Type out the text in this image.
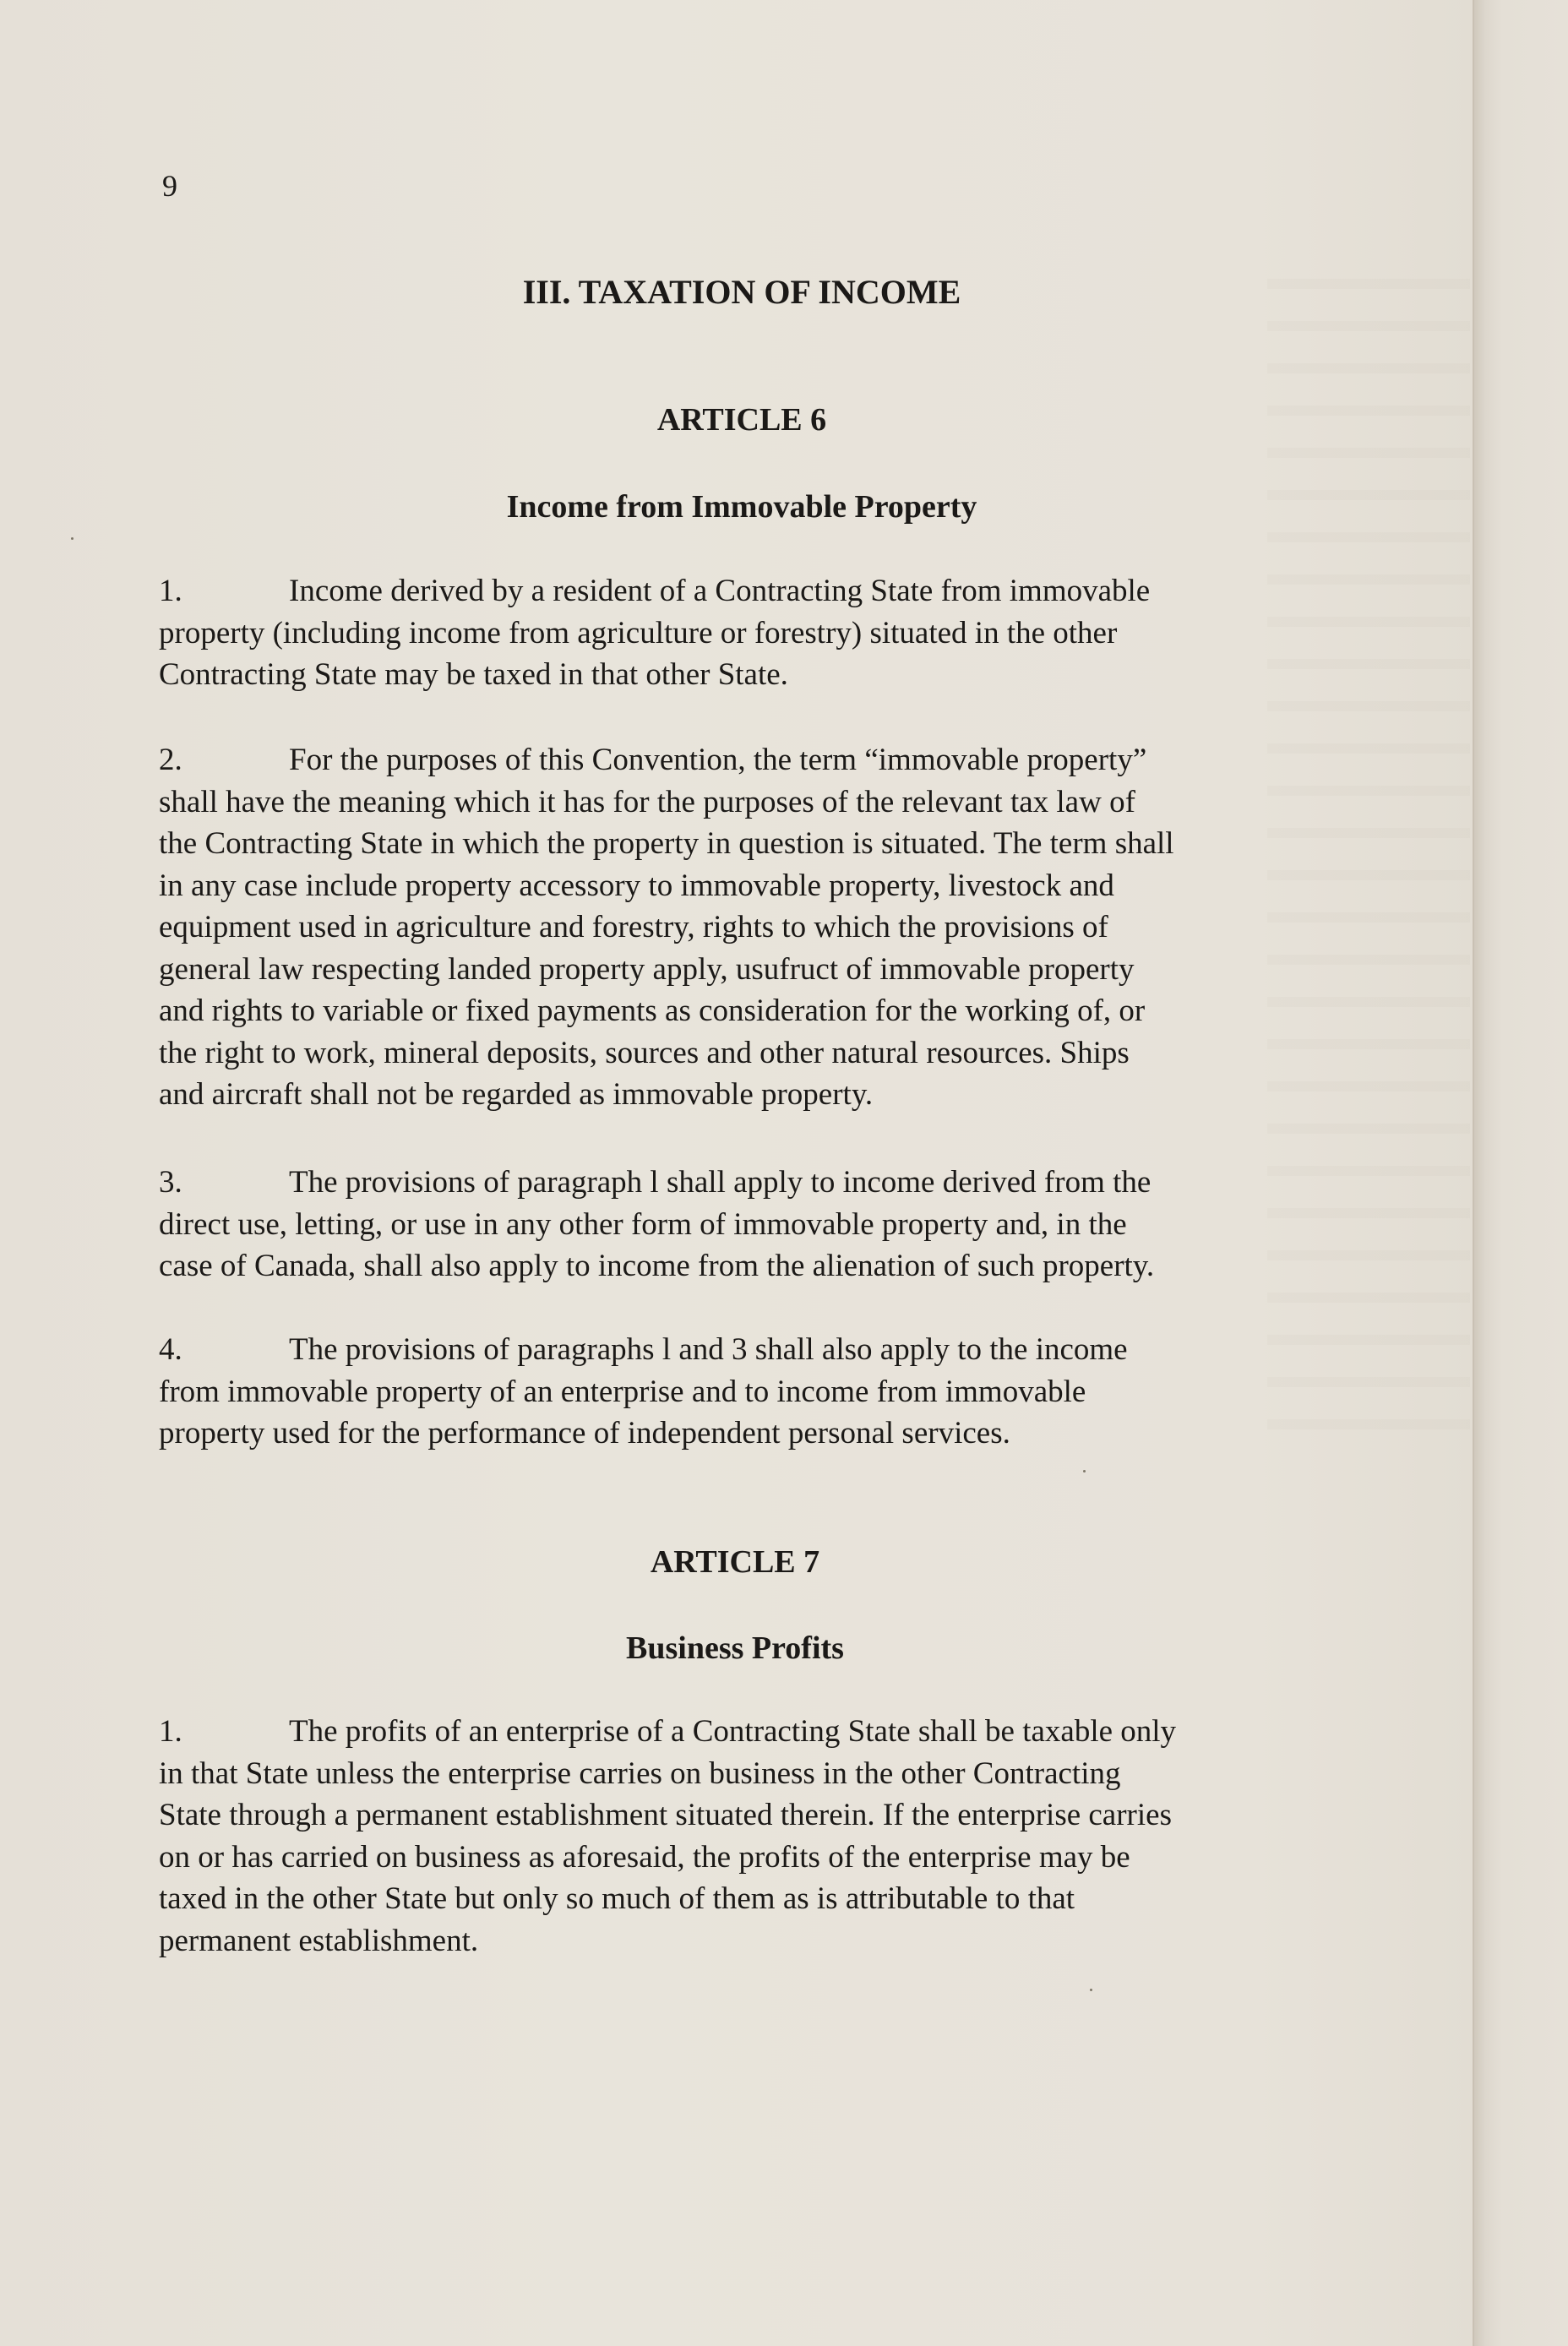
9
III. TAXATION OF INCOME
ARTICLE 6
Income from Immovable Property

1.	Income derived by a resident of a Contracting State from immovable
property (including income from agriculture or forestry) situated in the other
Contracting State may be taxed in that other State.

2.	For the purposes of this Convention, the term “immovable property”
shall have the meaning which it has for the purposes of the relevant tax law of
the Contracting State in which the property in question is situated. The term shall
in any case include property accessory to immovable property, livestock and
equipment used in agriculture and forestry, rights to which the provisions of
general law respecting landed property apply, usufruct of immovable property
and rights to variable or fixed payments as consideration for the working of, or
the right to work, mineral deposits, sources and other natural resources. Ships
and aircraft shall not be regarded as immovable property.

3.	The provisions of paragraph l shall apply to income derived from the
direct use, letting, or use in any other form of immovable property and, in the
case of Canada, shall also apply to income from the alienation of such property.

4.	The provisions of paragraphs l and 3 shall also apply to the income
from immovable property of an enterprise and to income from immovable
property used for the performance of independent personal services.

ARTICLE 7
Business Profits

1.	The profits of an enterprise of a Contracting State shall be taxable only
in that State unless the enterprise carries on business in the other Contracting
State through a permanent establishment situated therein. If the enterprise carries
on or has carried on business as aforesaid, the profits of the enterprise may be
taxed in the other State but only so much of them as is attributable to that
permanent establishment.
